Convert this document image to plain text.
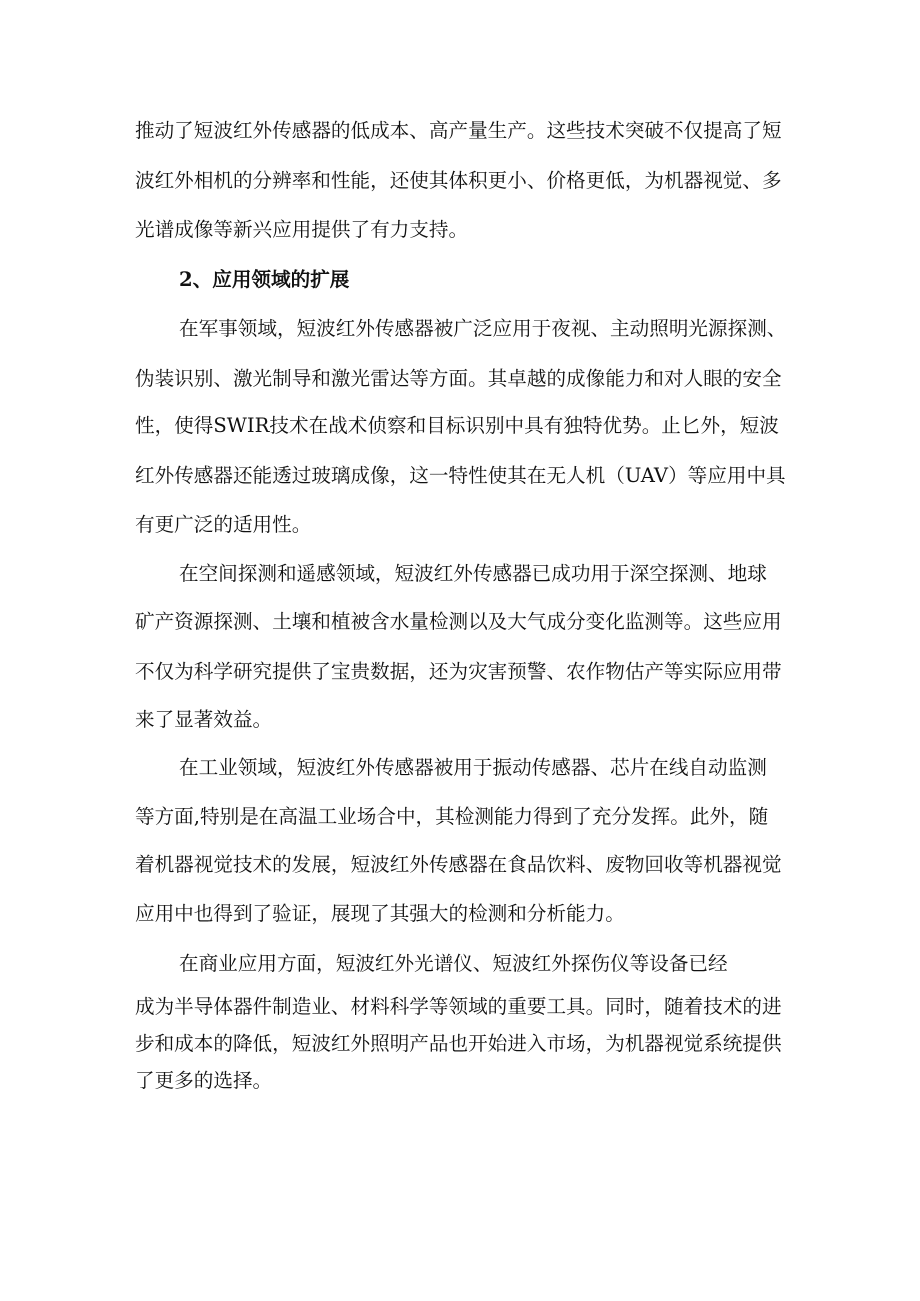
推动了短波红外传感器的低成本、高产量生产。这些技术突破不仅提高了短
波红外相机的分辨率和性能，还使其体积更小、价格更低，为机器视觉、多
光谱成像等新兴应用提供了有力支持。
2、应用领域的扩展
在军事领域，短波红外传感器被广泛应用于夜视、主动照明光源探测、
伪装识别、激光制导和激光雷达等方面。其卓越的成像能力和对人眼的安全
性，使得SWIR技术在战术侦察和目标识别中具有独特优势。止匕外，短波
红外传感器还能透过玻璃成像，这一特性使其在无人机（UAV）等应用中具
有更广泛的适用性。
在空间探测和遥感领域，短波红外传感器已成功用于深空探测、地球
矿产资源探测、土壤和植被含水量检测以及大气成分变化监测等。这些应用
不仅为科学研究提供了宝贵数据，还为灾害预警、农作物估产等实际应用带
来了显著效益。
在工业领域，短波红外传感器被用于振动传感器、芯片在线自动监测
等方面,特别是在高温工业场合中，其检测能力得到了充分发挥。此外，随
着机器视觉技术的发展，短波红外传感器在食品饮料、废物回收等机器视觉
应用中也得到了验证，展现了其强大的检测和分析能力。
在商业应用方面，短波红外光谱仪、短波红外探伤仪等设备已经
成为半导体器件制造业、材料科学等领域的重要工具。同时，随着技术的进
步和成本的降低，短波红外照明产品也开始进入市场，为机器视觉系统提供
了更多的选择。
